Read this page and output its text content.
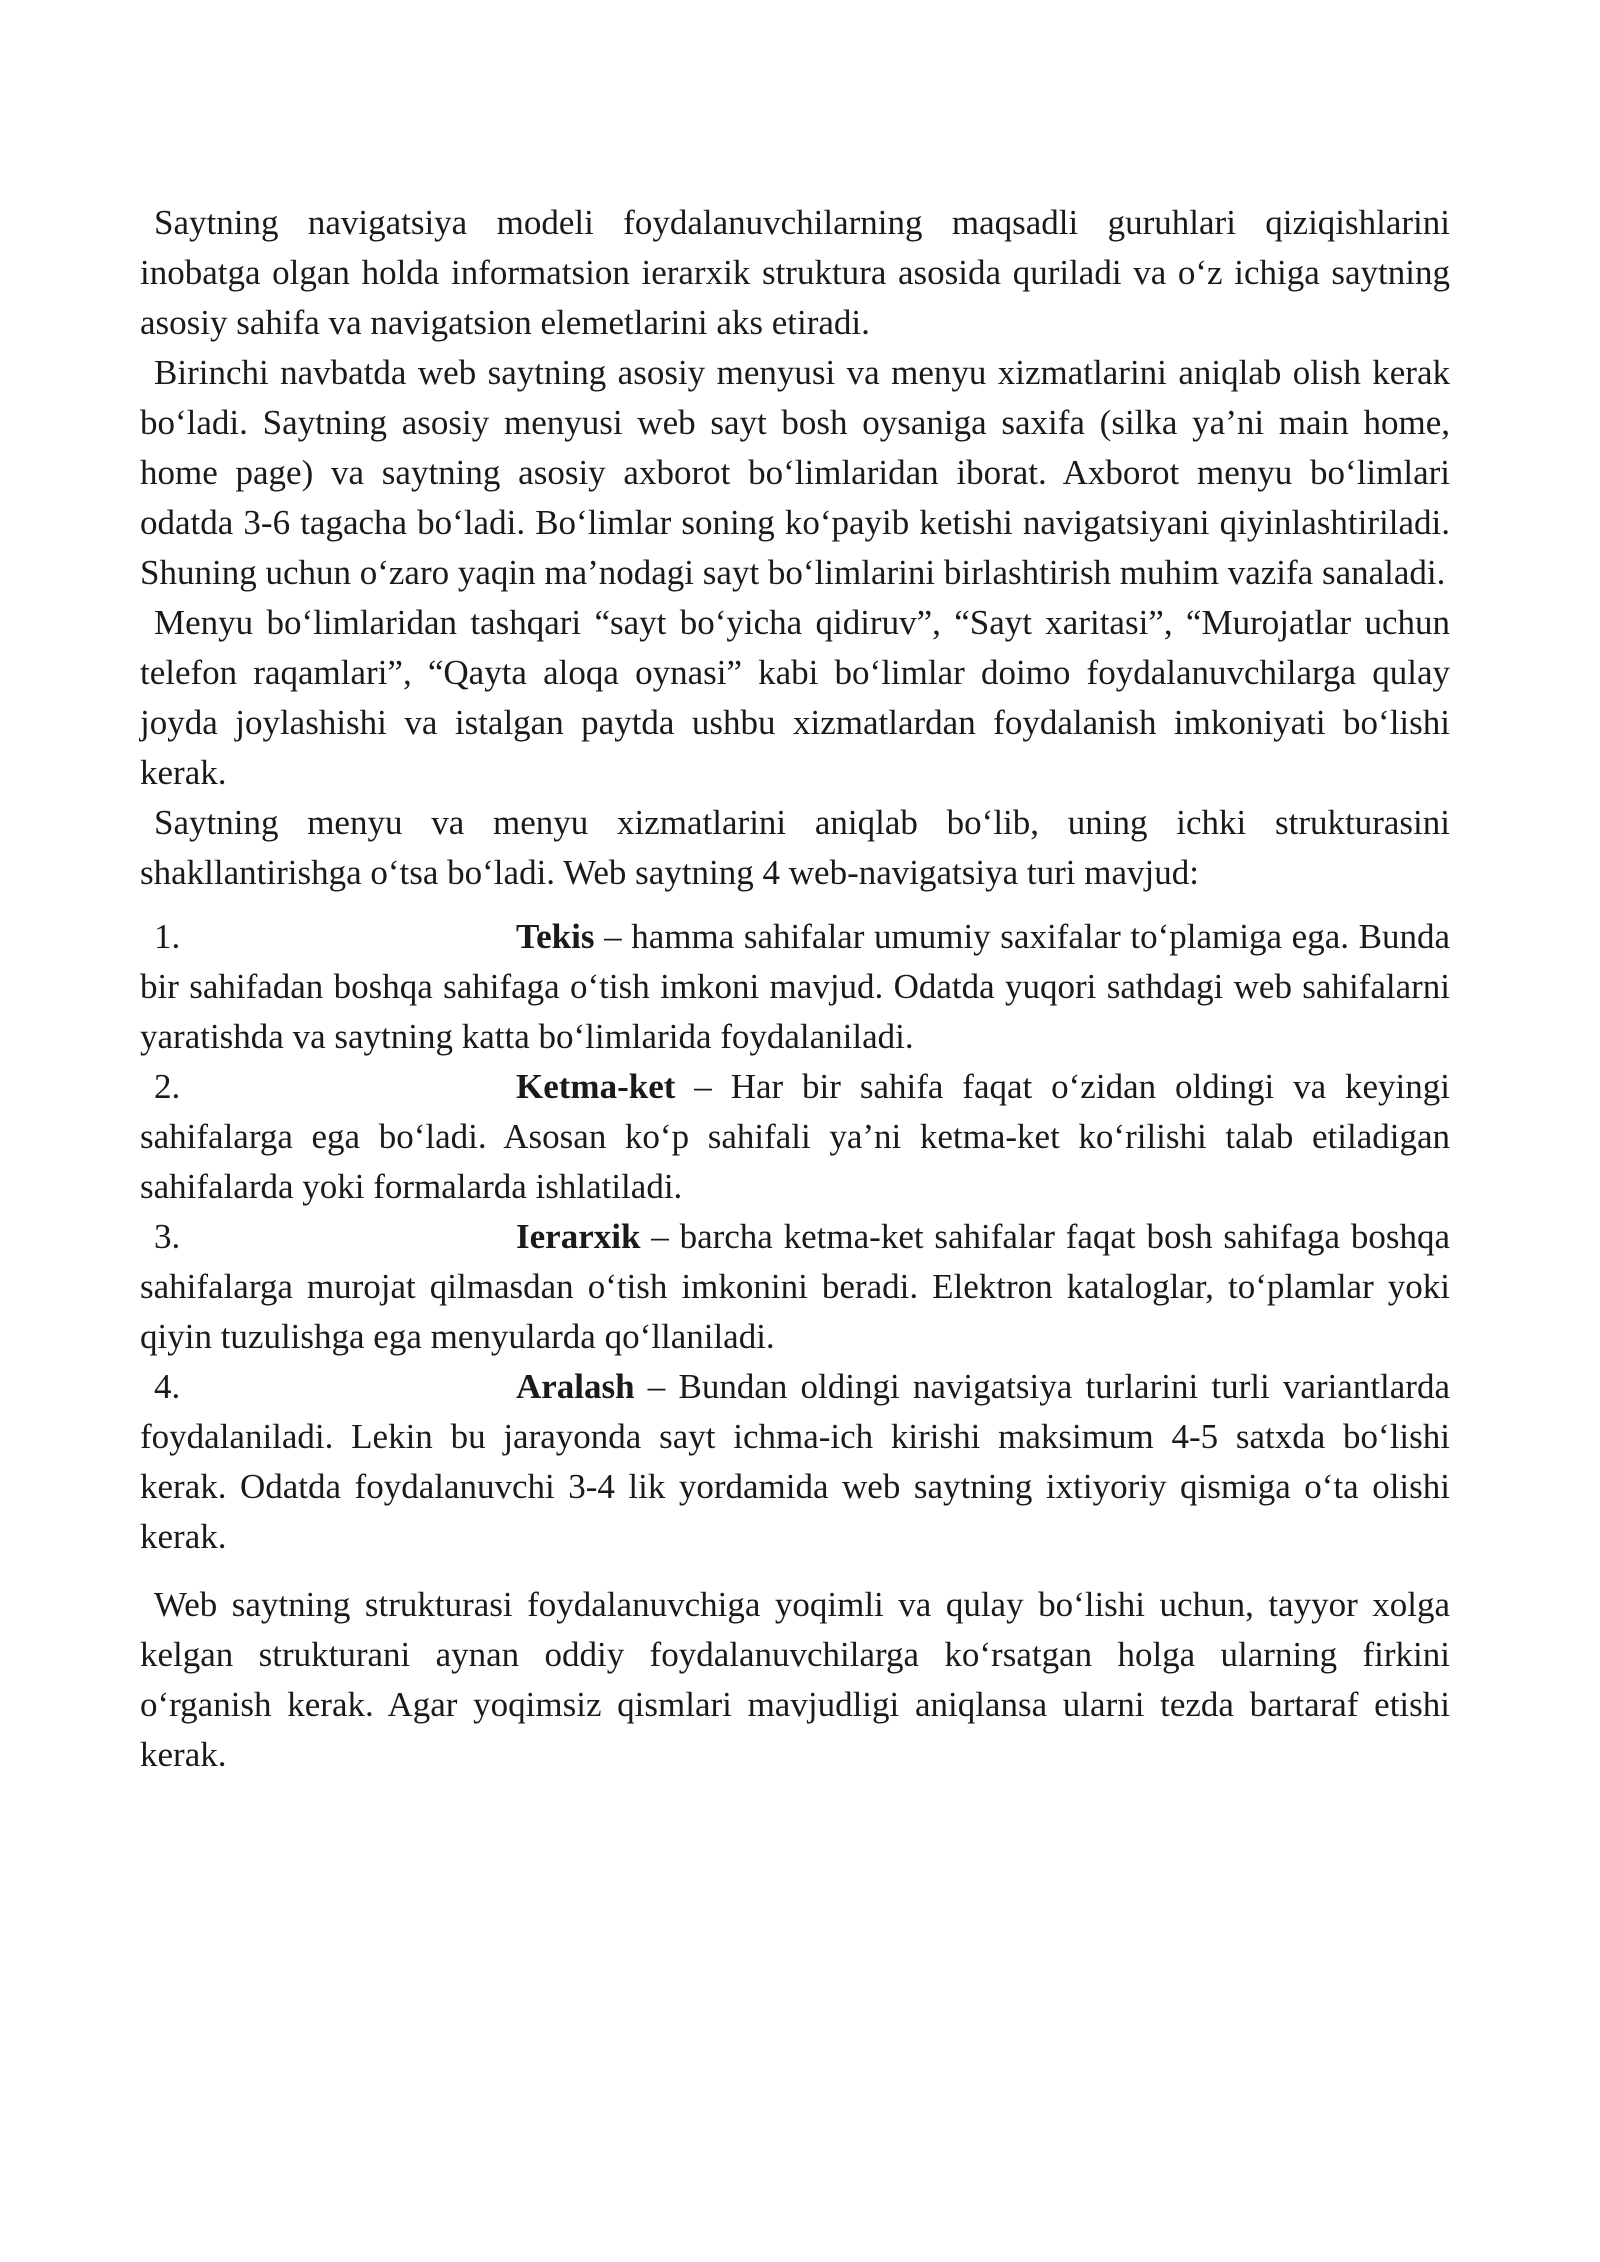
Saytning navigatsiya modeli foydalanuvchilarning maqsadli guruhlari qiziqishlarini inobatga olgan holda informatsion ierarxik struktura asosida quriladi va o‘z ichiga saytning asosiy sahifa va navigatsion elemetlarini aks etiradi.

Birinchi navbatda web saytning asosiy menyusi va menyu xizmatlarini aniqlab olish kerak bo‘ladi. Saytning asosiy menyusi web sayt bosh oysaniga saxifa (silka ya’ni main home, home page) va saytning asosiy axborot bo‘limlaridan iborat. Axborot menyu bo‘limlari odatda 3-6 tagacha bo‘ladi. Bo‘limlar soning ko‘payib ketishi navigatsiyani qiyinlashtiriladi. Shuning uchun o‘zaro yaqin ma’nodagi sayt bo‘limlarini birlashtirish muhim vazifa sanaladi.

Menyu bo‘limlaridan tashqari “sayt bo‘yicha qidiruv”, “Sayt xaritasi”, “Murojatlar uchun telefon raqamlari”, “Qayta aloqa oynasi” kabi bo‘limlar doimo foydalanuvchilarga qulay joyda joylashishi va istalgan paytda ushbu xizmatlardan foydalanish imkoniyati bo‘lishi kerak.

Saytning menyu va menyu xizmatlarini aniqlab bo‘lib, uning ichki strukturasini shakllantirishga o‘tsa bo‘ladi. Web saytning 4 web-navigatsiya turi mavjud:

1.	Tekis – hamma sahifalar umumiy saxifalar to‘plamiga ega. Bunda bir sahifadan boshqa sahifaga o‘tish imkoni mavjud. Odatda yuqori sathdagi web sahifalarni yaratishda va saytning katta bo‘limlarida foydalaniladi.

2.	Ketma-ket – Har bir sahifa faqat o‘zidan oldingi va keyingi sahifalarga ega bo‘ladi. Asosan ko‘p sahifali ya’ni ketma-ket ko‘rilishi talab etiladigan sahifalarda yoki formalarda ishlatiladi.

3.	Ierarxik – barcha ketma-ket sahifalar faqat bosh sahifaga boshqa sahifalarga murojat qilmasdan o‘tish imkonini beradi. Elektron kataloglar, to‘plamlar yoki qiyin tuzulishga ega menyularda qo‘llaniladi.

4.	Aralash – Bundan oldingi navigatsiya turlarini turli variantlarda foydalaniladi. Lekin bu jarayonda sayt ichma-ich kirishi maksimum 4-5 satxda bo‘lishi kerak. Odatda foydalanuvchi 3-4 lik yordamida web saytning ixtiyoriy qismiga o‘ta olishi kerak.

Web saytning strukturasi foydalanuvchiga yoqimli va qulay bo‘lishi uchun, tayyor xolga kelgan strukturani aynan oddiy foydalanuvchilarga ko‘rsatgan holga ularning firkini o‘rganish kerak. Agar yoqimsiz qismlari mavjudligi aniqlansa ularni tezda bartaraf etishi kerak.
